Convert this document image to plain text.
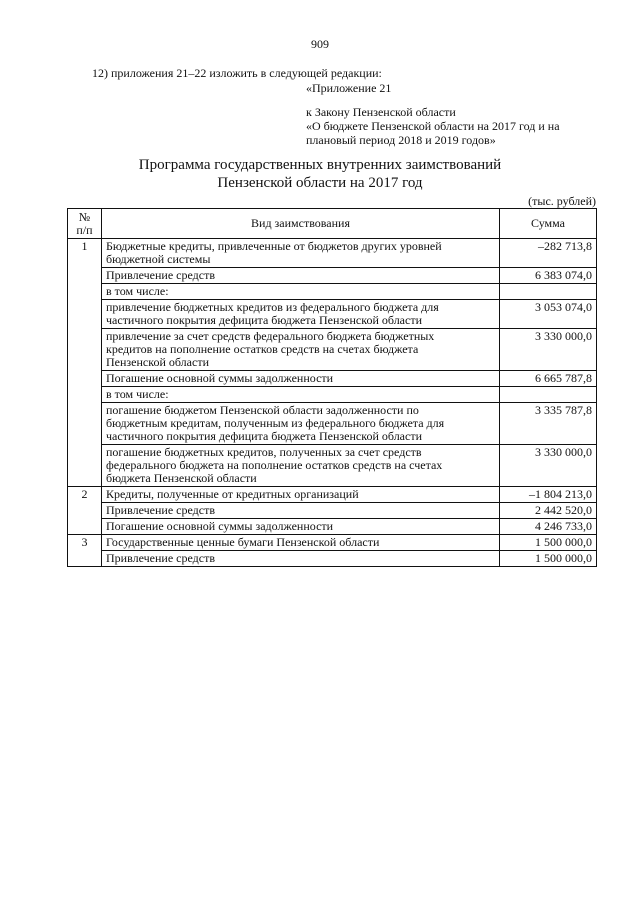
909
12) приложения 21–22 изложить в следующей редакции:
«Приложение 21
к Закону Пензенской области
«О бюджете Пензенской области на 2017 год и на
плановый период 2018 и 2019 годов»
Программа государственных внутренних заимствований
Пензенской области на 2017 год
(тыс. рублей)
№
п/п	Вид заимствования	Сумма
1	Бюджетные кредиты, привлеченные от бюджетов других уровней
бюджетной системы	–282 713,8

	Привлечение средств	6 383 074,0

	в том числе:	

	привлечение бюджетных кредитов из федерального бюджета для
частичного покрытия дефицита бюджета Пензенской области	3 053 074,0

	привлечение за счет средств федерального бюджета бюджетных
кредитов на пополнение остатков средств на счетах бюджета
Пензенской области	3 330 000,0

	Погашение основной суммы задолженности	6 665 787,8

	в том числе:	

	погашение бюджетом Пензенской области задолженности по
бюджетным кредитам, полученным из федерального бюджета для
частичного покрытия дефицита бюджета Пензенской области	3 335 787,8

	погашение бюджетных кредитов, полученных за счет средств
федерального бюджета на пополнение остатков средств на счетах
бюджета Пензенской области	3 330 000,0
2	Кредиты, полученные от кредитных организаций	–1 804 213,0

	Привлечение средств	2 442 520,0

	Погашение основной суммы задолженности	4 246 733,0
3	Государственные ценные бумаги Пензенской области	1 500 000,0

	Привлечение средств	1 500 000,0
